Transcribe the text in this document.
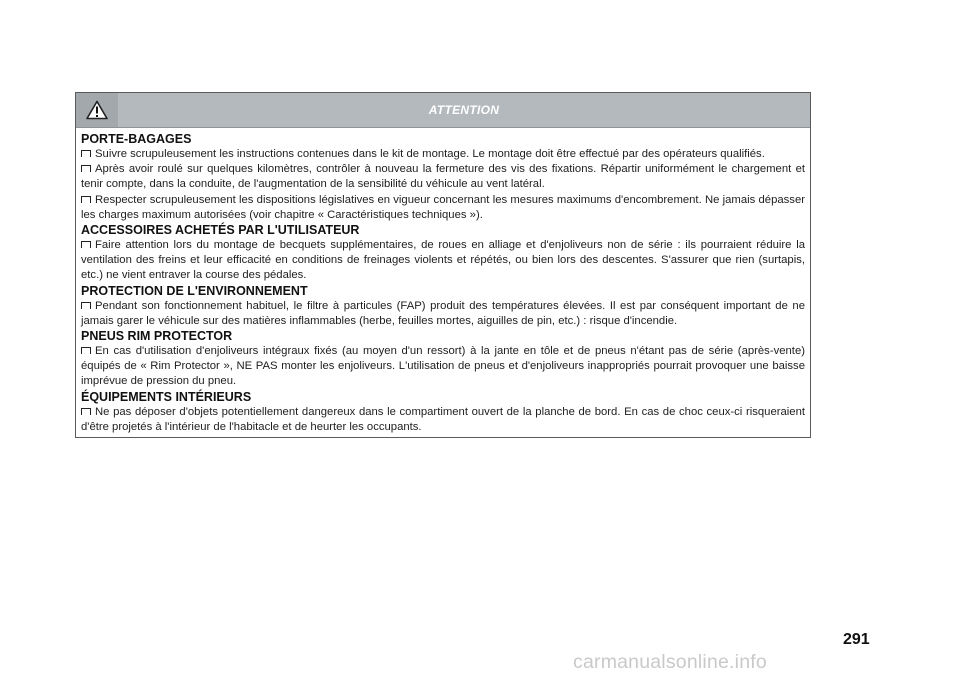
ATTENTION
PORTE-BAGAGES
Suivre scrupuleusement les instructions contenues dans le kit de montage. Le montage doit être effectué par des opérateurs qualifiés.
Après avoir roulé sur quelques kilomètres, contrôler à nouveau la fermeture des vis des fixations. Répartir uniformément le chargement et tenir compte, dans la conduite, de l'augmentation de la sensibilité du véhicule au vent latéral.
Respecter scrupuleusement les dispositions législatives en vigueur concernant les mesures maximums d'encombrement. Ne jamais dépasser les charges maximum autorisées (voir chapitre « Caractéristiques techniques »).
ACCESSOIRES ACHETÉS PAR L'UTILISATEUR
Faire attention lors du montage de becquets supplémentaires, de roues en alliage et d'enjoliveurs non de série : ils pourraient réduire la ventilation des freins et leur efficacité en conditions de freinages violents et répétés, ou bien lors des descentes. S'assurer que rien (surtapis, etc.) ne vient entraver la course des pédales.
PROTECTION DE L'ENVIRONNEMENT
Pendant son fonctionnement habituel, le filtre à particules (FAP) produit des températures élevées. Il est par conséquent important de ne jamais garer le véhicule sur des matières inflammables (herbe, feuilles mortes, aiguilles de pin, etc.) : risque d'incendie.
PNEUS RIM PROTECTOR
En cas d'utilisation d'enjoliveurs intégraux fixés (au moyen d'un ressort) à la jante en tôle et de pneus n'étant pas de série (après-vente) équipés de « Rim Protector », NE PAS monter les enjoliveurs. L'utilisation de pneus et d'enjoliveurs inappropriés pourrait provoquer une baisse imprévue de pression du pneu.
ÉQUIPEMENTS INTÉRIEURS
Ne pas déposer d'objets potentiellement dangereux dans le compartiment ouvert de la planche de bord. En cas de choc ceux-ci risqueraient d'être projetés à l'intérieur de l'habitacle et de heurter les occupants.
291
carmanualsonline.info
